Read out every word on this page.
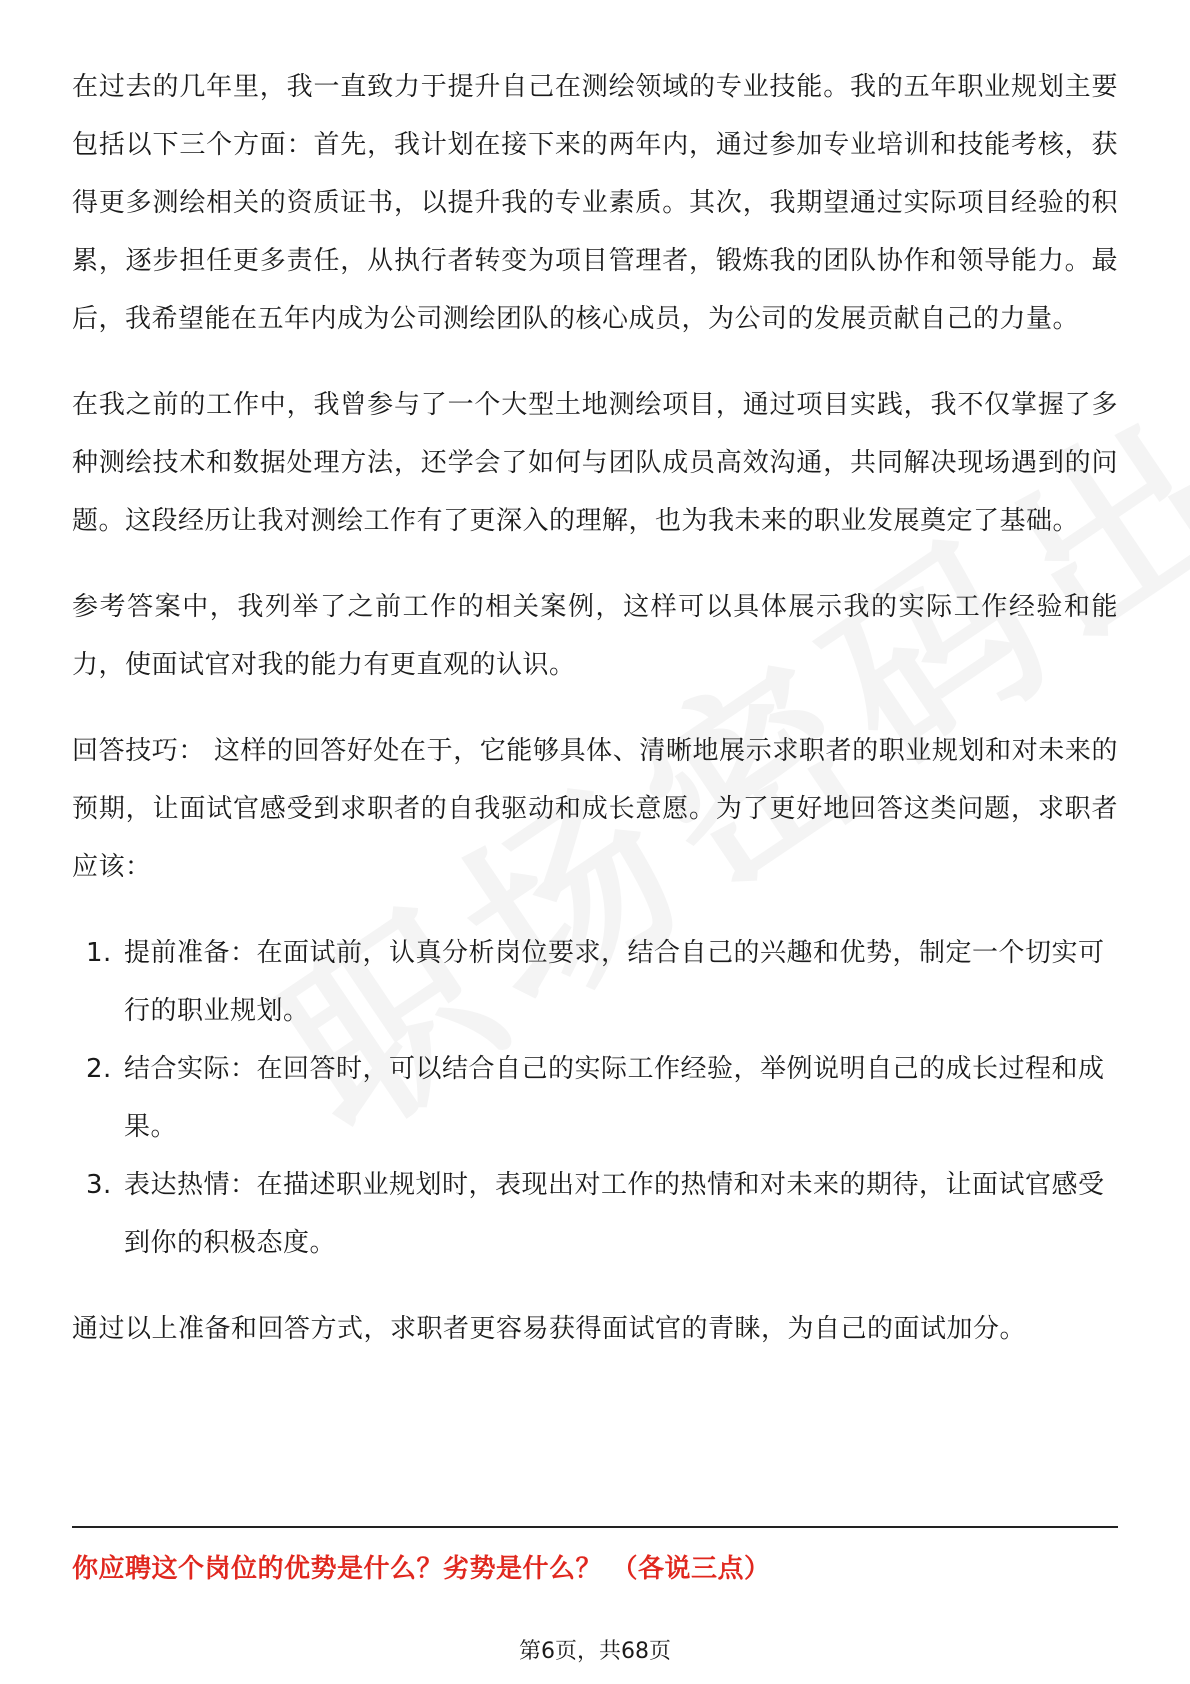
在过去的几年里，我一直致力于提升自己在测绘领域的专业技能。我的五年职业规划主要包括以下三个方面：首先，我计划在接下来的两年内，通过参加专业培训和技能考核，获得更多测绘相关的资质证书，以提升我的专业素质。其次，我期望通过实际项目经验的积累，逐步担任更多责任，从执行者转变为项目管理者，锻炼我的团队协作和领导能力。最后，我希望能在五年内成为公司测绘团队的核心成员，为公司的发展贡献自己的力量。

在我之前的工作中，我曾参与了一个大型土地测绘项目，通过项目实践，我不仅掌握了多种测绘技术和数据处理方法，还学会了如何与团队成员高效沟通，共同解决现场遇到的问题。这段经历让我对测绘工作有了更深入的理解，也为我未来的职业发展奠定了基础。

参考答案中，我列举了之前工作的相关案例，这样可以具体展示我的实际工作经验和能力，使面试官对我的能力有更直观的认识。

回答技巧： 这样的回答好处在于，它能够具体、清晰地展示求职者的职业规划和对未来的预期，让面试官感受到求职者的自我驱动和成长意愿。为了更好地回答这类问题，求职者应该：

1. 提前准备：在面试前，认真分析岗位要求，结合自己的兴趣和优势，制定一个切实可行的职业规划。
2. 结合实际：在回答时，可以结合自己的实际工作经验，举例说明自己的成长过程和成果。
3. 表达热情：在描述职业规划时，表现出对工作的热情和对未来的期待，让面试官感受到你的积极态度。

通过以上准备和回答方式，求职者更容易获得面试官的青睐，为自己的面试加分。

你应聘这个岗位的优势是什么？劣势是什么？ （各说三点）
第6页，共68页
